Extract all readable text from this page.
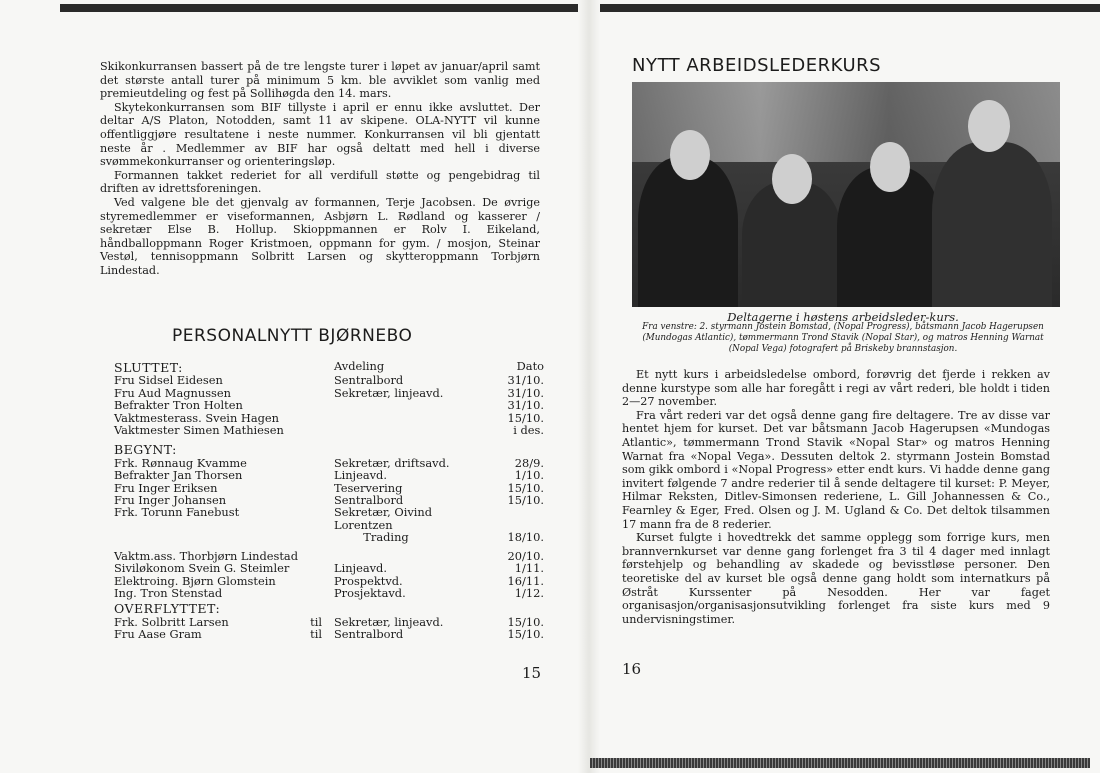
Skikonkurransen bassert på de tre lengste turer i løpet av januar/april samt det største antall turer på minimum 5 km. ble avviklet som vanlig med premieutdeling og fest på Sollihøgda den 14. mars.

Skytekonkurransen som BIF tillyste i april er ennu ikke avsluttet. Der deltar A/S Platon, Notodden, samt 11 av skipene. OLA-NYTT vil kunne offentliggjøre resultatene i neste nummer. Konkurransen vil bli gjentatt neste år . Medlemmer av BIF har også deltatt med hell i diverse svømmekonkurranser og orienteringsløp.

Formannen takket rederiet for all verdifull støtte og pengebidrag til driften av idrettsforeningen.

Ved valgene ble det gjenvalg av formannen, Terje Jacobsen. De øvrige styremedlemmer er viseformannen, Asbjørn L. Rødland og kasserer / sekretær Else B. Hollup. Skioppmannen er Rolv I. Eikeland, håndballoppmann Roger Kristmoen, oppmann for gym. / mosjon, Steinar Vestøl, tennisoppmann Solbritt Larsen og skytteroppmann Torbjørn Lindestad.

PERSONALNYTT BJØRNEBO
SLUTTET:	Avdeling	Dato
Fru Sidsel Eidesen	Sentralbord	31/10.
Fru Aud Magnussen	Sekretær, linjeavd.	31/10.
Befrakter Tron Holten	31/10.
Vaktmesterass. Svein Hagen	15/10.
Vaktmester Simen Mathiesen	i des.
BEGYNT:
Frk. Rønnaug Kvamme	Sekretær, driftsavd.	28/9.
Befrakter Jan Thorsen	Linjeavd.	1/10.
Fru Inger Eriksen	Teservering	15/10.
Fru Inger Johansen	Sentralbord	15/10.
Frk. Torunn Fanebust	Sekretær, Oivind Lorentzen
Trading	18/10.
Vaktm.ass. Thorbjørn Lindestad	20/10.
Siviløkonom Svein G. Steimler	Linjeavd.	1/11.
Elektroing. Bjørn Glomstein	Prospektvd.	16/11.
Ing. Tron Stenstad	Prosjektavd.	1/12.
OVERFLYTTET:
Frk. Solbritt Larsen	til Sekretær, linjeavd.	15/10.
Fru Aase Gram	til Sentralbord	15/10.
15
NYTT ARBEIDSLEDERKURS
Deltagerne i høstens arbeidsleder-kurs.
Fra venstre: 2. styrmann Jostein Bomstad, (Nopal Progress), båtsmann Jacob Hagerupsen (Mundogas Atlantic), tømmermann Trond Stavik (Nopal Star), og matros Henning Warnat (Nopal Vega) fotografert på Briskeby brannstasjon.

Et nytt kurs i arbeidsledelse ombord, forøvrig det fjerde i rekken av denne kurstype som alle har foregått i regi av vårt rederi, ble holdt i tiden 2—27 november.

Fra vårt rederi var det også denne gang fire deltagere. Tre av disse var hentet hjem for kurset. Det var båtsmann Jacob Hagerupsen «Mundogas Atlantic», tømmermann Trond Stavik «Nopal Star» og matros Henning Warnat fra «Nopal Vega». Dessuten deltok 2. styrmann Jostein Bomstad som gikk ombord i «Nopal Progress» etter endt kurs. Vi hadde denne gang invitert følgende 7 andre rederier til å sende deltagere til kurset: P. Meyer, Hilmar Reksten, Ditlev-Simonsen rederiene, L. Gill Johannessen & Co., Fearnley & Eger, Fred. Olsen og J. M. Ugland & Co. Det deltok tilsammen 17 mann fra de 8 rederier.

Kurset fulgte i hovedtrekk det samme opplegg som forrige kurs, men brannvernkurset var denne gang forlenget fra 3 til 4 dager med innlagt førstehjelp og behandling av skadede og bevisstløse personer. Den teoretiske del av kurset ble også denne gang holdt som internatkurs på Østråt Kurssenter på Nesodden. Her var faget organisasjon/organisasjonsutvikling forlenget fra siste kurs med 9 undervisningstimer.

16
